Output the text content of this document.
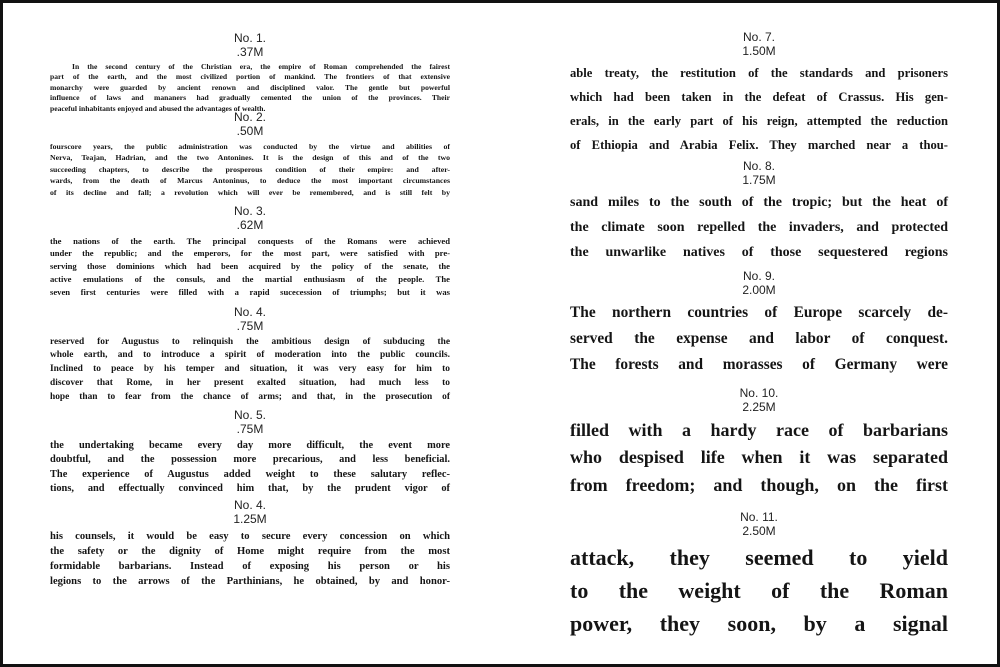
No. 1.
.37M
In the second century of the Christian era, the empire of Roman comprehended the fairest
part of the earth, and the most civilized portion of mankind. The frontiers of that extensive
monarchy were guarded by ancient renown and disciplined valor. The gentle but powerful
influence of laws and mananers had gradually cemented the union of the provinces. Their
peaceful inhabitants enjoyed and abused the advantages of wealth.
No. 2.
.50M
fourscore years, the public administration was conducted by the virtue and abilities of
Nerva, Teajan, Hadrian, and the two Antonines. It is the design of this and of the two
succeeding chapters, to describe the prosperous condition of their empire: and after-
wards, from the death of Marcus Antoninus, to deduce the most important circumstances
of its decline and fall; a revolution which will ever be remembered, and is still felt by
No. 3.
.62M
the nations of the earth. The principal conquests of the Romans were achieved
under the republic; and the emperors, for the most part, were satisfied with pre-
serving those dominions which had been acquired by the policy of the senate, the
active emulations of the consuls, and the martial enthusiasm of the people. The
seven first centuries were filled with a rapid sucecession of triumphs; but it was
No. 4.
.75M
reserved for Augustus to relinquish the ambitious design of subducing the
whole earth, and to introduce a spirit of moderation into the public councils.
Inclined to peace by his temper and situation, it was very easy for him to
discover that Rome, in her present exalted situation, had much less to
hope than to fear from the chance of arms; and that, in the prosecution of
No. 5.
.75M
the undertaking became every day more difficult, the event more
doubtful, and the possession more precarious, and less beneficial.
The experience of Augustus added weight to these salutary reflec-
tions, and effectually convinced him that, by the prudent vigor of
No. 4.
1.25M
his counsels, it would be easy to secure every concession on which
the safety or the dignity of Home might require from the most
formidable barbarians. Instead of exposing his person or his
legions to the arrows of the Parthinians, he obtained, by and honor-
No. 7.
1.50M
able treaty, the restitution of the standards and prisoners
which had been taken in the defeat of Crassus. His gen-
erals, in the early part of his reign, attempted the reduction
of Ethiopia and Arabia Felix. They marched near a thou-
No. 8.
1.75M
sand miles to the south of the tropic; but the heat of
the climate soon repelled the invaders, and protected
the unwarlike natives of those sequestered regions
No. 9.
2.00M
The northern countries of Europe scarcely de-
served the expense and labor of conquest.
The forests and morasses of Germany were
No. 10.
2.25M
filled with a hardy race of barbarians
who despised life when it was separated
from freedom; and though, on the first
No. 11.
2.50M
attack, they seemed to yield
to the weight of the Roman
power, they soon, by a signal
